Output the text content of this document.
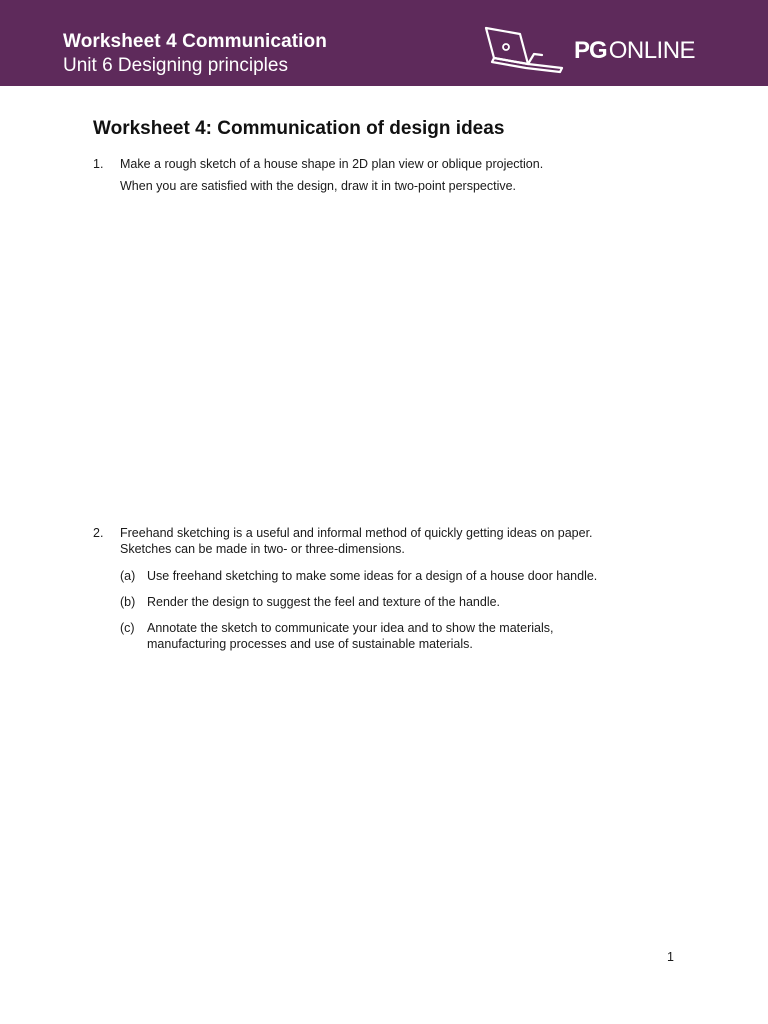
Worksheet 4 Communication
Unit 6 Designing principles
PGONLINE
Worksheet 4: Communication of design ideas
1. Make a rough sketch of a house shape in 2D plan view or oblique projection.
When you are satisfied with the design, draw it in two-point perspective.
2. Freehand sketching is a useful and informal method of quickly getting ideas on paper.
Sketches can be made in two- or three-dimensions.
(a) Use freehand sketching to make some ideas for a design of a house door handle.
(b) Render the design to suggest the feel and texture of the handle.
(c) Annotate the sketch to communicate your idea and to show the materials,
manufacturing processes and use of sustainable materials.
1
